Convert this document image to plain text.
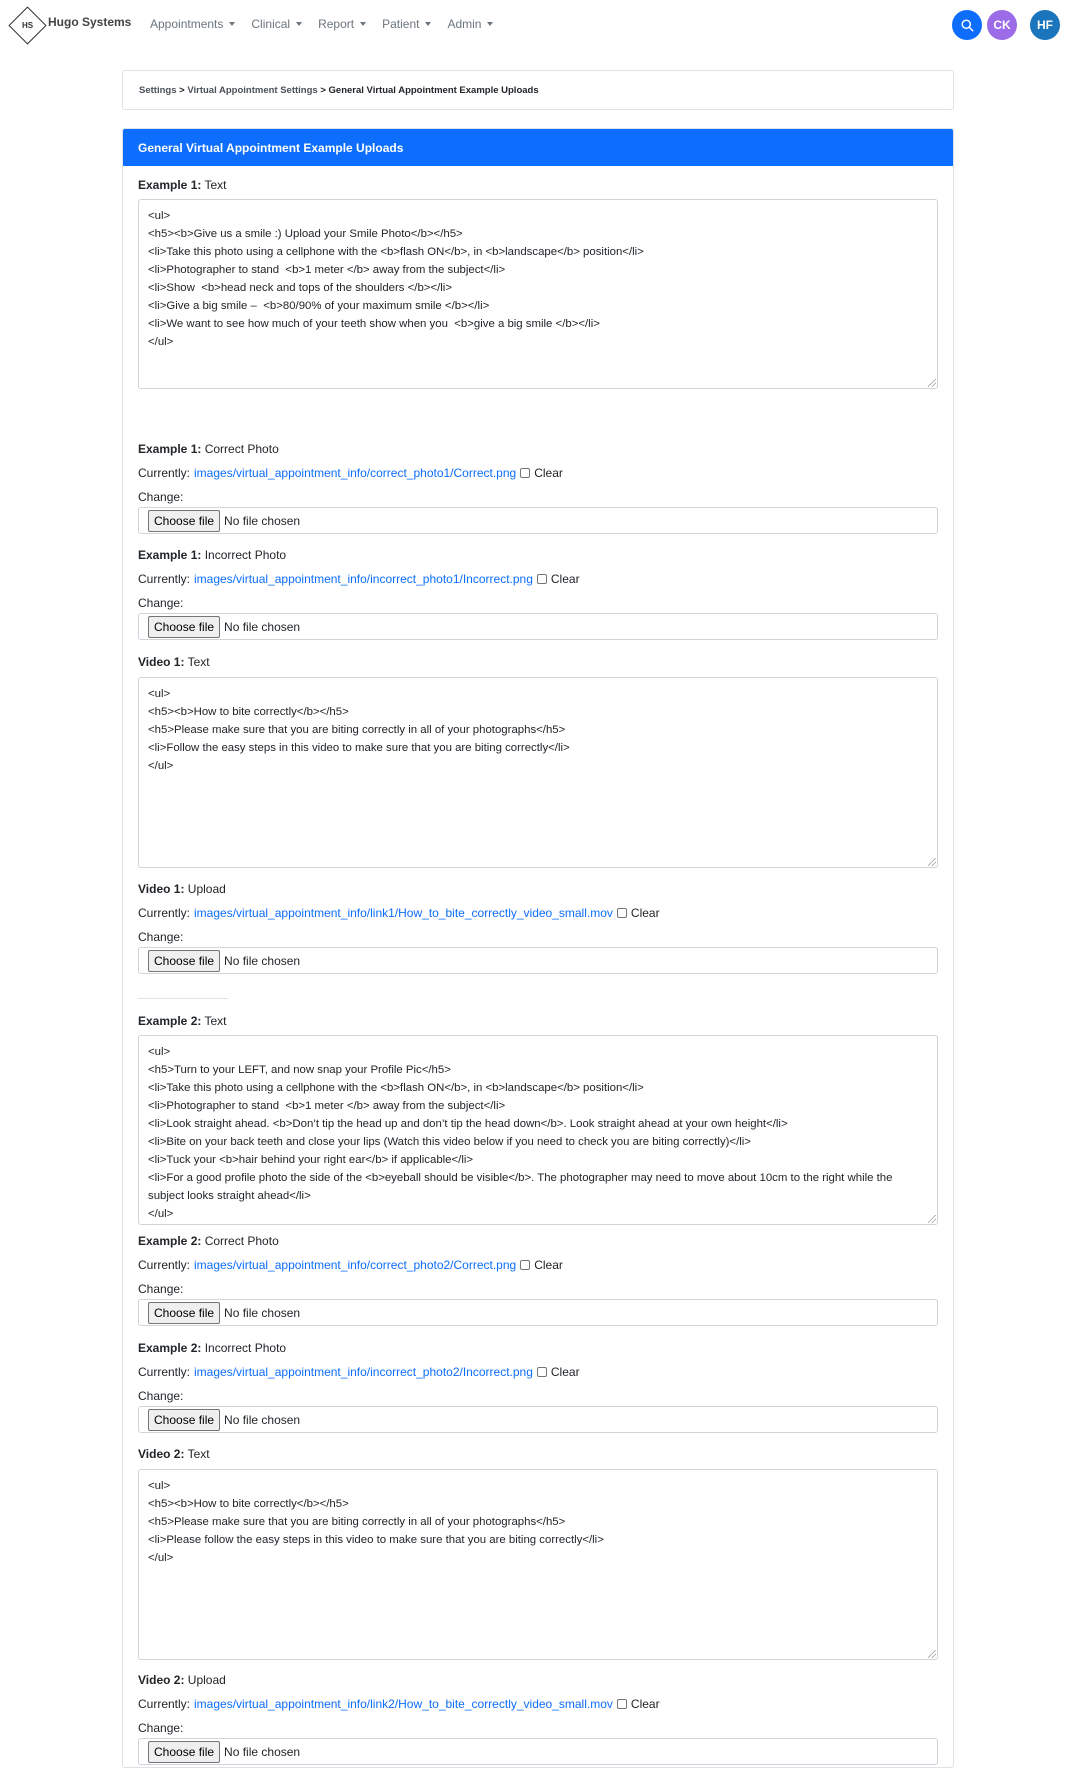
HS Hugo Systems Appointments	Clinical	Report	Patient	Admin	CK	HF
Settings > Virtual Appointment Settings > General Virtual Appointment Example Uploads
General Virtual Appointment Example Uploads
Example 1: Text
<ul>
<h5><b>Give us a smile :) Upload your Smile Photo</b></h5>
<li>Take this photo using a cellphone with the <b>flash ON</b>, in <b>landscape</b> position</li>
<li>Photographer to stand  <b>1 meter </b> away from the subject</li>
<li>Show  <b>head neck and tops of the shoulders </b></li>
<li>Give a big smile –  <b>80/90% of your maximum smile </b></li>
<li>We want to see how much of your teeth show when you  <b>give a big smile </b></li>
</ul>
Example 1: Correct Photo
Currently: images/virtual_appointment_info/correct_photo1/Correct.png Clear
Change:
Choose file No file chosen
Example 1: Incorrect Photo
Currently: images/virtual_appointment_info/incorrect_photo1/Incorrect.png Clear
Change:
Choose file No file chosen
Video 1: Text
<ul>
<h5><b>How to bite correctly</b></h5>
<h5>Please make sure that you are biting correctly in all of your photographs</h5>
<li>Follow the easy steps in this video to make sure that you are biting correctly</li>
</ul>
Video 1: Upload
Currently: images/virtual_appointment_info/link1/How_to_bite_correctly_video_small.mov Clear
Change:
Choose file No file chosen
Example 2: Text
<ul>
<h5>Turn to your LEFT, and now snap your Profile Pic</h5>
<li>Take this photo using a cellphone with the <b>flash ON</b>, in <b>landscape</b> position</li>
<li>Photographer to stand  <b>1 meter </b> away from the subject</li>
<li>Look straight ahead. <b>Don’t tip the head up and don’t tip the head down</b>. Look straight ahead at your own height</li>
<li>Bite on your back teeth and close your lips (Watch this video below if you need to check you are biting correctly)</li>
<li>Tuck your <b>hair behind your right ear</b> if applicable</li>
<li>For a good profile photo the side of the <b>eyeball should be visible</b>. The photographer may need to move about 10cm to the right while the subject looks straight ahead</li>
</ul>
Example 2: Correct Photo
Currently: images/virtual_appointment_info/correct_photo2/Correct.png Clear
Change:
Choose file No file chosen
Example 2: Incorrect Photo
Currently: images/virtual_appointment_info/incorrect_photo2/Incorrect.png Clear
Change:
Choose file No file chosen
Video 2: Text
<ul>
<h5><b>How to bite correctly</b></h5>
<h5>Please make sure that you are biting correctly in all of your photographs</h5>
<li>Please follow the easy steps in this video to make sure that you are biting correctly</li>
</ul>
Video 2: Upload
Currently: images/virtual_appointment_info/link2/How_to_bite_correctly_video_small.mov Clear
Change:
Choose file No file chosen
